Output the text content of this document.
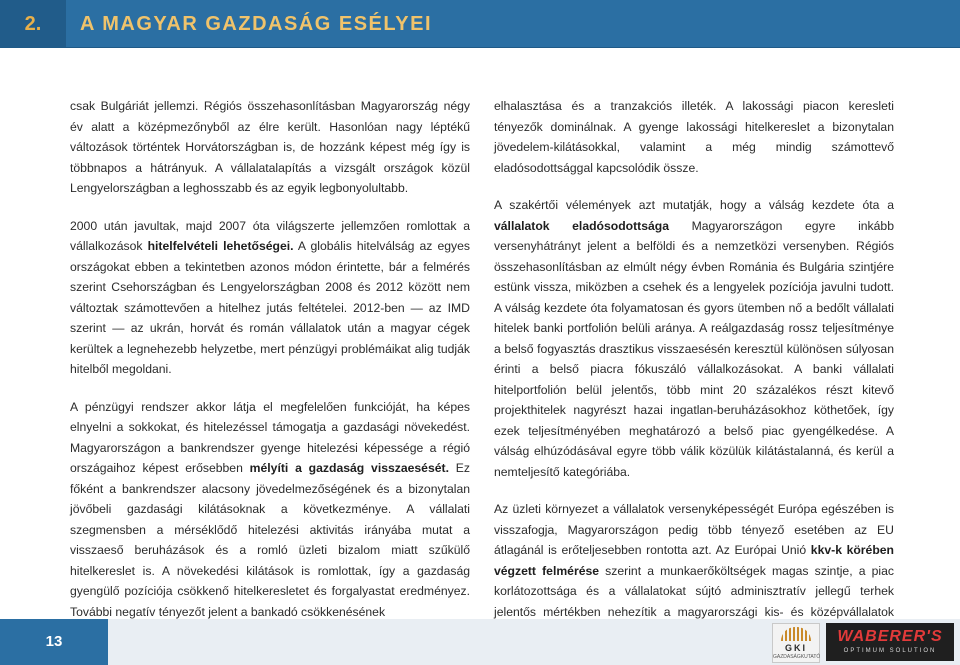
2.	A MAGYAR GAZDASÁG ESÉLYEI

csak Bulgáriát jellemzi. Régiós összehasonlításban Magyarország négy év alatt a középmezőnyből az élre került. Hasonlóan nagy léptékű változások történtek Horvátországban is, de hozzánk képest még így is többnapos a hátrányuk. A vállalatalapítás a vizsgált országok közül Lengyelországban a leghosszabb és az egyik legbonyolultabb.

2000 után javultak, majd 2007 óta világszerte jellemzően romlottak a vállalkozások hitelfelvételi lehetőségei. A globális hitelválság az egyes országokat ebben a tekintetben azonos módon érintette, bár a felmérés szerint Csehországban és Lengyelországban 2008 és 2012 között nem változtak számottevően a hitelhez jutás feltételei. 2012-ben — az IMD szerint — az ukrán, horvát és román vállalatok után a magyar cégek kerültek a legnehezebb helyzetbe, mert pénzügyi problémáikat alig tudják hitelből megoldani.

A pénzügyi rendszer akkor látja el megfelelően funkcióját, ha képes elnyelni a sokkokat, és hitelezéssel támogatja a gazdasági növekedést. Magyarországon a bankrendszer gyenge hitelezési képessége a régió országaihoz képest erősebben mélyíti a gazdaság visszaesését. Ez főként a bankrendszer alacsony jövedelmezőségének és a bizonytalan jövőbeli gazdasági kilátásoknak a következménye. A vállalati szegmensben a mérséklődő hitelezési aktivitás irányába mutat a visszaeső beruházások és a romló üzleti bizalom miatt szűkülő hitelkereslet is. A növekedési kilátások is romlottak, így a gazdaság gyengülő pozíciója csökkenő hitelkeresletet és forgalyastat eredményez. További negatív tényezőt jelent a bankadó csökkenésének

elhalasztása és a tranzakciós illeték. A lakossági piacon keresleti tényezők dominálnak. A gyenge lakossági hitelkereslet a bizonytalan jövedelem-kilátásokkal, valamint a még mindig számottevő eladósodottsággal kapcsolódik össze.

A szakértői vélemények azt mutatják, hogy a válság kezdete óta a vállalatok eladósodottsága Magyarországon egyre inkább versenyhátrányt jelent a belföldi és a nemzetközi versenyben. Régiós összehasonlításban az elmúlt négy évben Románia és Bulgária szintjére estünk vissza, miközben a csehek és a lengyelek pozíciója javulni tudott. A válság kezdete óta folyamatosan és gyors ütemben nő a bedőlt vállalati hitelek banki portfolión belüli aránya. A reálgazdaság rossz teljesítménye a belső fogyasztás drasztikus visszaesésén keresztül különösen súlyosan érinti a belső piacra fókuszáló vállalkozásokat. A banki vállalati hitelportfolión belül jelentős, több mint 20 százalékos részt kitevő projekthitelek nagyrészt hazai ingatlan-beruházásokhoz köthetőek, így ezek teljesítményében meghatározó a belső piac gyengélkedése. A válság elhúzódásával egyre több válik közülük kilátástalanná, és kerül a nemteljesítő kategóriába.

Az üzleti környezet a vállalatok versenyképességét Európa egészében is visszafogja, Magyarországon pedig több tényező esetében az EU átlagánál is erőteljesebben rontotta azt. Az Európai Unió kkv-k körében végzett felmérése szerint a munkaerőköltségek magas szintje, a piac korlátozottsága és a vállalatokat sújtó adminisztratív jellegű terhek jelentős mértékben nehezítik a magyarországi kis- és középvállalatok

13	GKI
GAZDASÁGKUTATÓ
WABERER'S
OPTIMUM SOLUTION
